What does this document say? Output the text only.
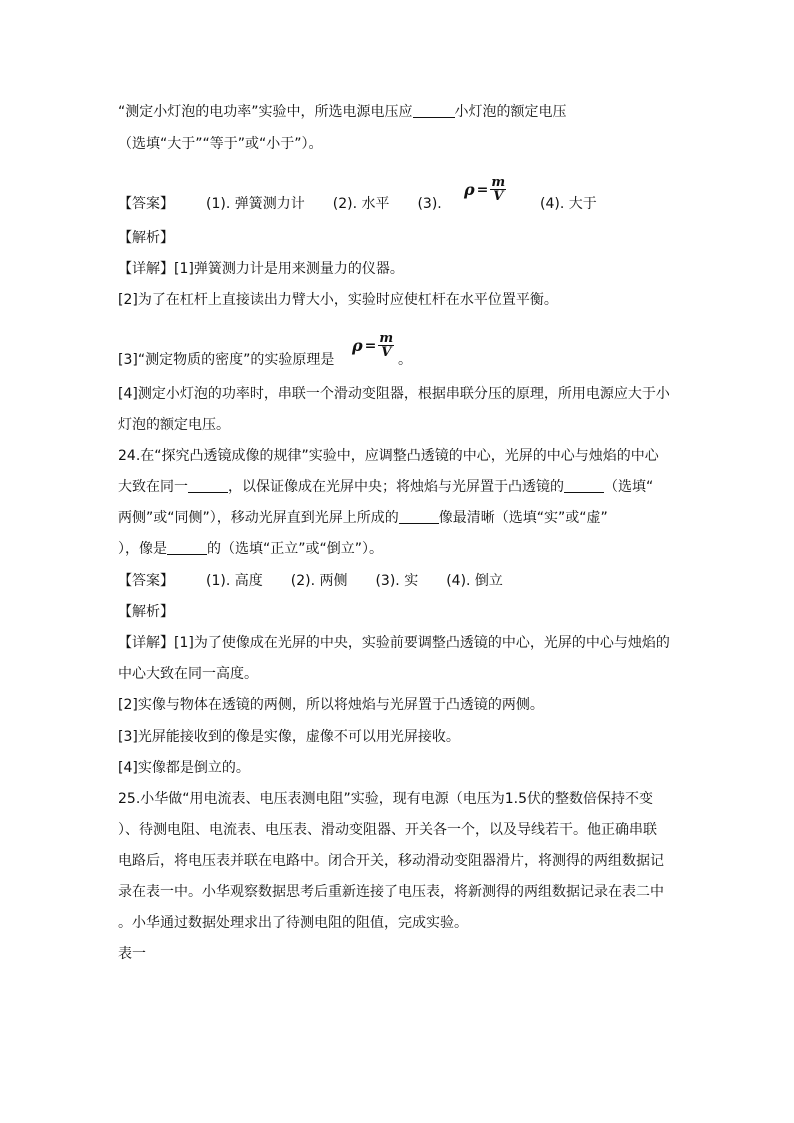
“测定小灯泡的电功率”实验中，所选电源电压应	小灯泡的额定电压
（选填“大于”“等于”或“小于”）。
【答案】 (1). 弹簧测力计 (2). 水平 (3).
$\rho = \frac{m}{V}$
(4). 大于
【解析】
【详解】[1]弹簧测力计是用来测量力的仪器。
[2]为了在杠杆上直接读出力臂大小，实验时应使杠杆在水平位置平衡。
[3]“测定物质的密度”的实验原理是
$\rho = \frac{m}{V}$
。
[4]测定小灯泡的功率时，串联一个滑动变阻器，根据串联分压的原理，所用电源应大于小
灯泡的额定电压。
24.在“探究凸透镜成像的规律”实验中，应调整凸透镜的中心，光屏的中心与烛焰的中心
大致在同一	，以保证像成在光屏中央；将烛焰与光屏置于凸透镜的	（选填“
两侧”或“同侧”），移动光屏直到光屏上所成的	像最清晰（选填“实”或“虚”
），像是	的（选填“正立”或“倒立”）。
【答案】 (1). 高度 (2). 两侧 (3). 实 (4). 倒立
【解析】
【详解】[1]为了使像成在光屏的中央，实验前要调整凸透镜的中心，光屏的中心与烛焰的
中心大致在同一高度。
[2]实像与物体在透镜的两侧，所以将烛焰与光屏置于凸透镜的两侧。
[3]光屏能接收到的像是实像，虚像不可以用光屏接收。
[4]实像都是倒立的。
25.小华做“用电流表、电压表测电阻”实验，现有电源（电压为1.5伏的整数倍保持不变
）、待测电阻、电流表、电压表、滑动变阻器、开关各一个，以及导线若干。他正确串联
电路后，将电压表并联在电路中。闭合开关，移动滑动变阻器滑片，将测得的两组数据记
录在表一中。小华观察数据思考后重新连接了电压表，将新测得的两组数据记录在表二中
。小华通过数据处理求出了待测电阻的阻值，完成实验。
表一
